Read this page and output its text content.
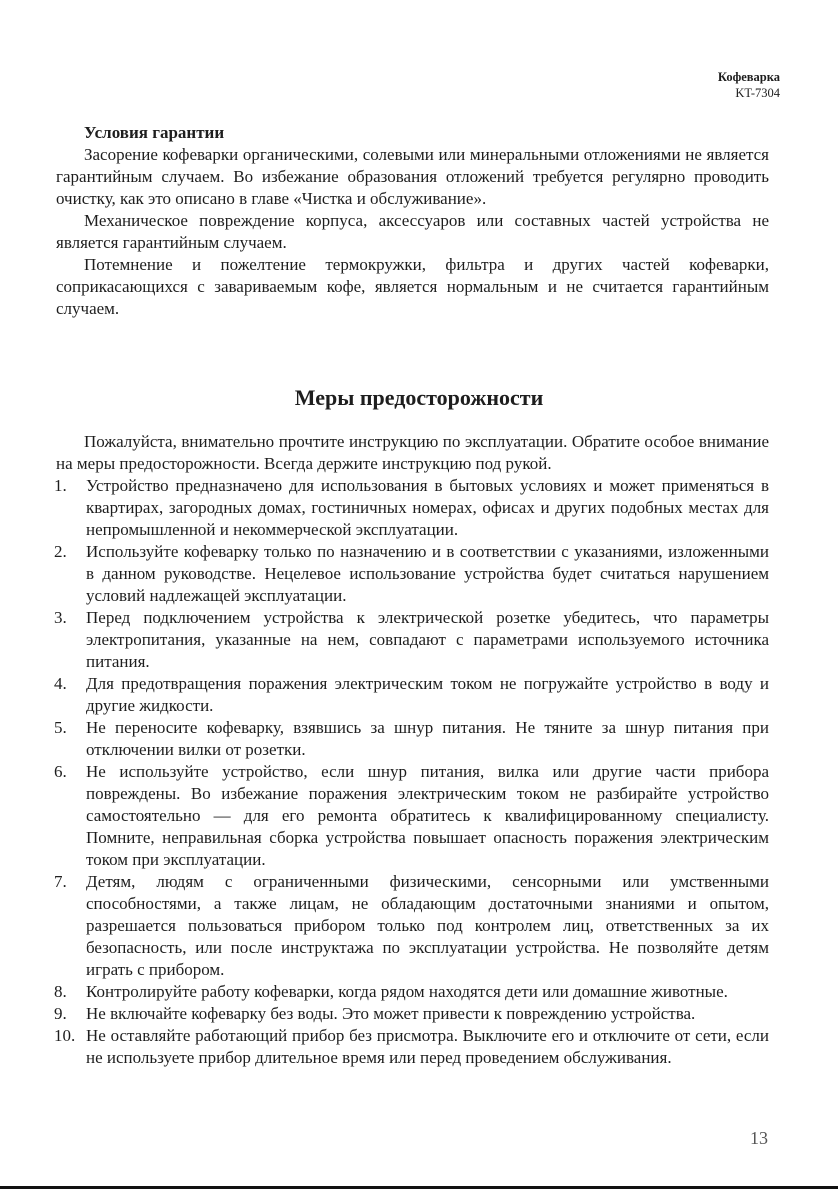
Кофеварка
KT-7304
Условия гарантии

Засорение кофеварки органическими, солевыми или минеральными отложениями не является гарантийным случаем. Во избежание образования отложений требуется регулярно проводить очистку, как это описано в главе «Чистка и обслуживание».

Механическое повреждение корпуса, аксессуаров или составных частей устройства не является гарантийным случаем.

Потемнение и пожелтение термокружки, фильтра и других частей кофеварки, соприкасающихся с завариваемым кофе, является нормальным и не считается гарантийным случаем.

Меры предосторожности

Пожалуйста, внимательно прочтите инструкцию по эксплуатации. Обратите особое внимание на меры предосторожности. Всегда держите инструкцию под рукой.

1. Устройство предназначено для использования в бытовых условиях и может применяться в квартирах, загородных домах, гостиничных номерах, офисах и других подобных местах для непромышленной и некоммерческой эксплуатации.
2. Используйте кофеварку только по назначению и в соответствии с указаниями, изложенными в данном руководстве. Нецелевое использование устройства будет считаться нарушением условий надлежащей эксплуатации.
3. Перед подключением устройства к электрической розетке убедитесь, что параметры электропитания, указанные на нем, совпадают с параметрами используемого источника питания.
4. Для предотвращения поражения электрическим током не погружайте устройство в воду и другие жидкости.
5. Не переносите кофеварку, взявшись за шнур питания. Не тяните за шнур питания при отключении вилки от розетки.
6. Не используйте устройство, если шнур питания, вилка или другие части прибора повреждены. Во избежание поражения электрическим током не разбирайте устройство самостоятельно — для его ремонта обратитесь к квалифицированному специалисту. Помните, неправильная сборка устройства повышает опасность поражения электрическим током при эксплуатации.
7. Детям, людям с ограниченными физическими, сенсорными или умственными способностями, а также лицам, не обладающим достаточными знаниями и опытом, разрешается пользоваться прибором только под контролем лиц, ответственных за их безопасность, или после инструктажа по эксплуатации устройства. Не позволяйте детям играть с прибором.
8. Контролируйте работу кофеварки, когда рядом находятся дети или домашние животные.
9. Не включайте кофеварку без воды. Это может привести к повреждению устройства.
10. Не оставляйте работающий прибор без присмотра. Выключите его и отключите от сети, если не используете прибор длительное время или перед проведением обслуживания.
13
